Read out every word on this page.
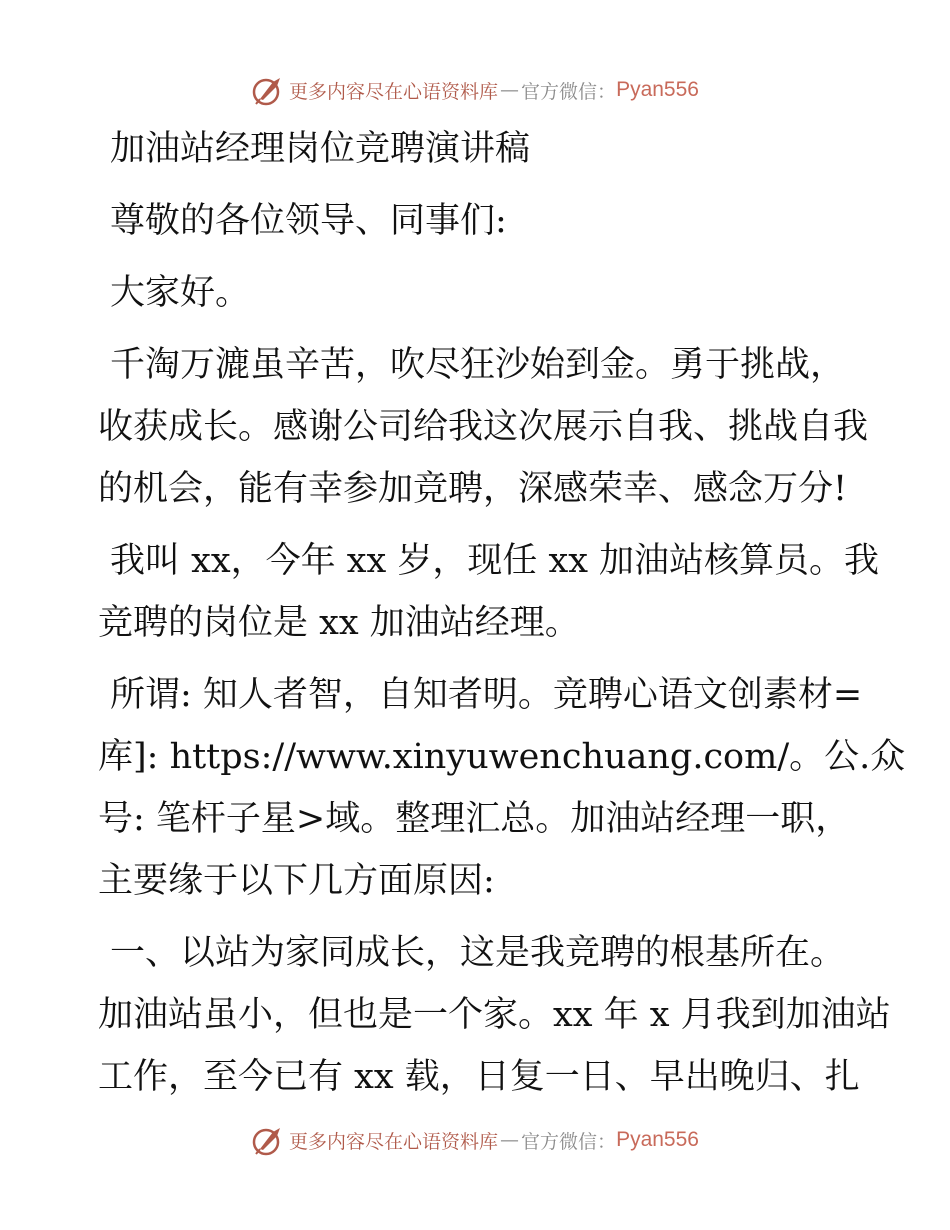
更多内容尽在心语资料库 — 官方微信： Pyan556

加油站经理岗位竞聘演讲稿

尊敬的各位领导、同事们:

大家好。

千淘万漉虽辛苦，吹尽狂沙始到金。勇于挑战，
收获成长。感谢公司给我这次展示自我、挑战自我
的机会，能有幸参加竞聘，深感荣幸、感念万分!

我叫 xx，今年 xx 岁，现任 xx 加油站核算员。我
竞聘的岗位是 xx 加油站经理。

所谓: 知人者智，自知者明。竞聘心语文创素材=
库]: https://www.xinyuwenchuang.com/。公.众
号: 笔杆子星>域。整理汇总。加油站经理一职，
主要缘于以下几方面原因:

一、以站为家同成长，这是我竞聘的根基所在。
加油站虽小，但也是一个家。xx 年 x 月我到加油站
工作，至今已有 xx 载，日复一日、早出晚归、扎

更多内容尽在心语资料库 — 官方微信： Pyan556
